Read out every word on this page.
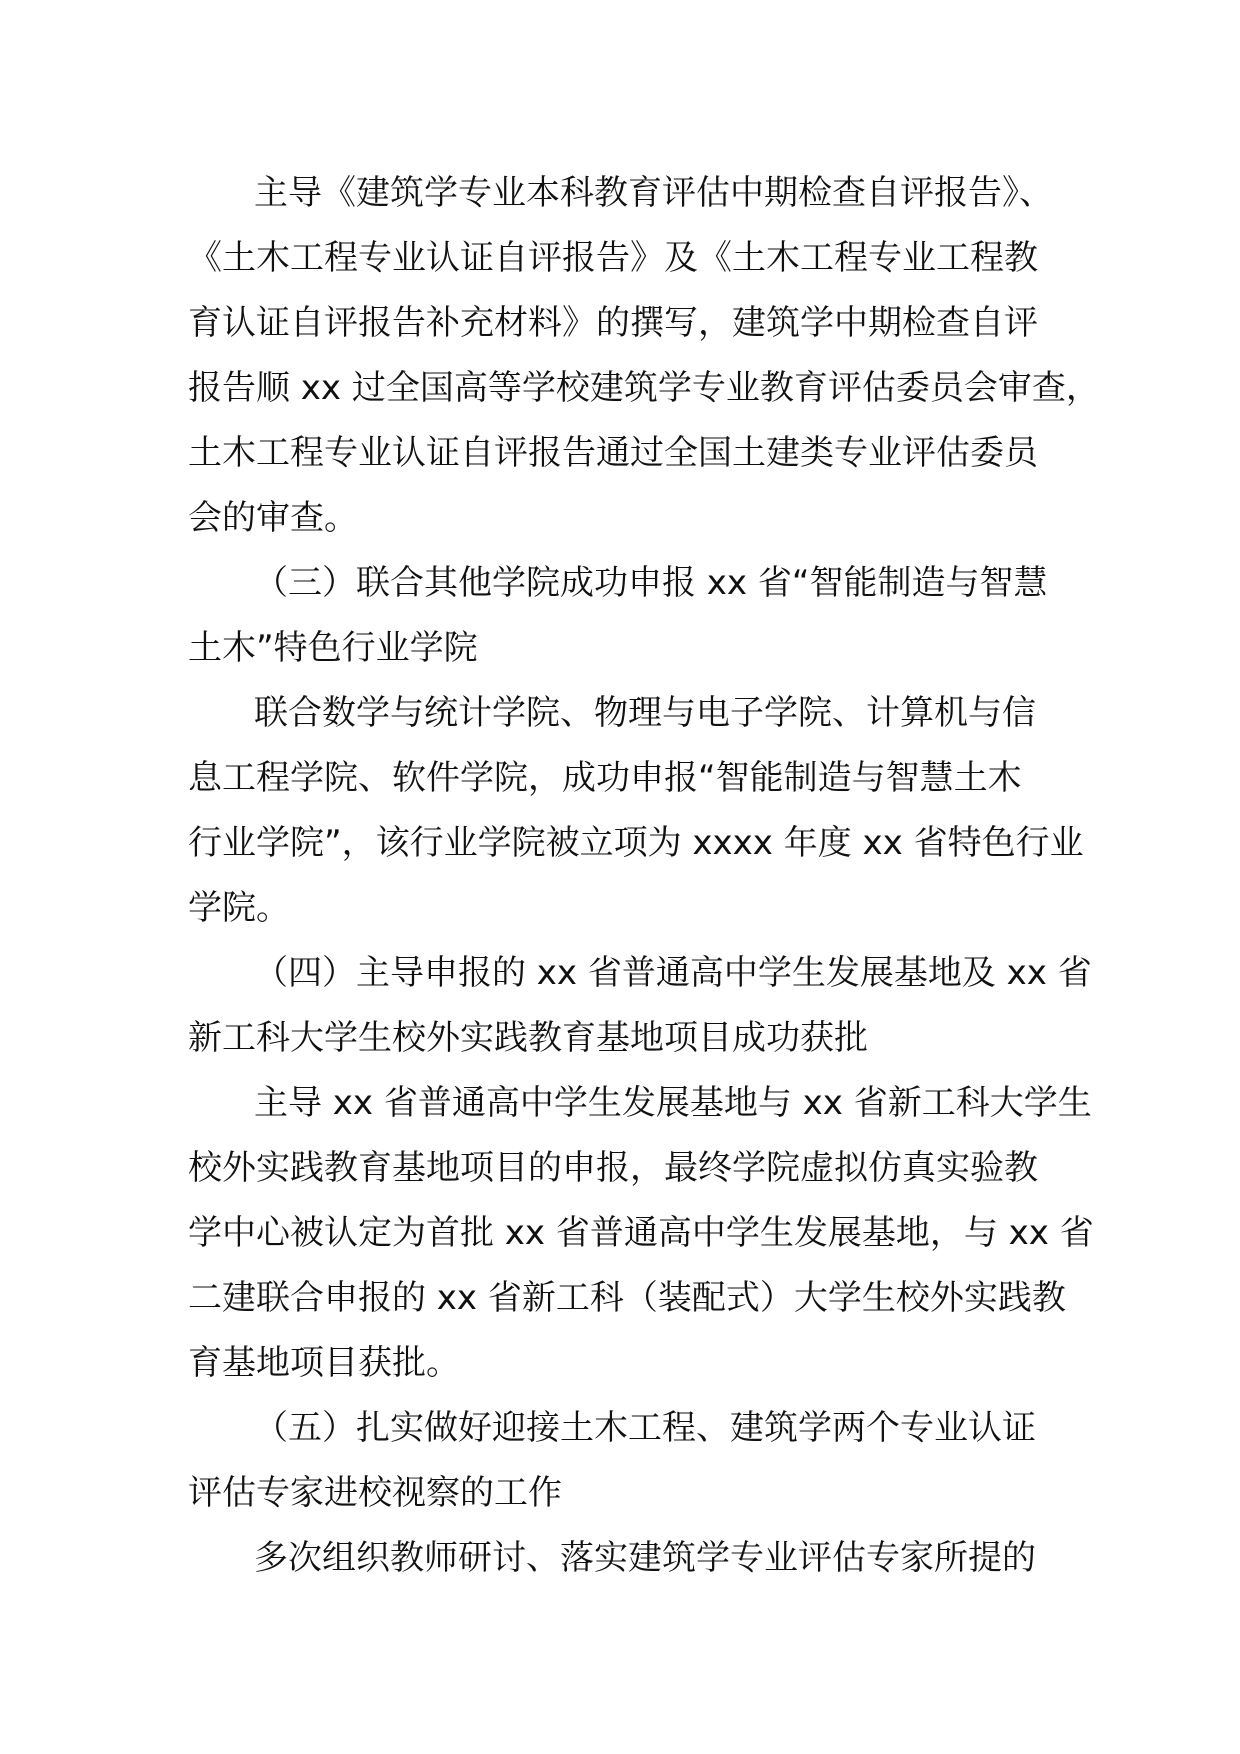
主导《建筑学专业本科教育评估中期检查自评报告》、
《土木工程专业认证自评报告》及《土木工程专业工程教
育认证自评报告补充材料》的撰写，建筑学中期检查自评
报告顺 xx 过全国高等学校建筑学专业教育评估委员会审查，
土木工程专业认证自评报告通过全国土建类专业评估委员
会的审查。
（三）联合其他学院成功申报 xx 省“智能制造与智慧
土木”特色行业学院
联合数学与统计学院、物理与电子学院、计算机与信
息工程学院、软件学院，成功申报“智能制造与智慧土木
行业学院”，该行业学院被立项为 xxxx 年度 xx 省特色行业
学院。
（四）主导申报的 xx 省普通高中学生发展基地及 xx 省
新工科大学生校外实践教育基地项目成功获批
主导 xx 省普通高中学生发展基地与 xx 省新工科大学生
校外实践教育基地项目的申报，最终学院虚拟仿真实验教
学中心被认定为首批 xx 省普通高中学生发展基地，与 xx 省
二建联合申报的 xx 省新工科（装配式）大学生校外实践教
育基地项目获批。
（五）扎实做好迎接土木工程、建筑学两个专业认证
评估专家进校视察的工作
多次组织教师研讨、落实建筑学专业评估专家所提的
